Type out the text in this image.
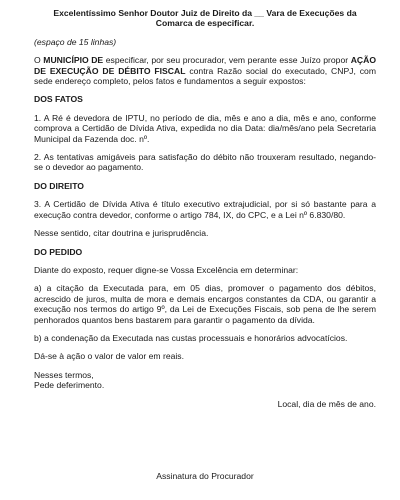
Excelentíssimo Senhor Doutor Juiz de Direito da __ Vara de Execuções da Comarca de especificar.
(espaço de 15 linhas)

O MUNICÍPIO DE especificar, por seu procurador, vem perante esse Juízo propor AÇÃO DE EXECUÇÃO DE DÉBITO FISCAL contra Razão social do executado, CNPJ, com sede endereço completo, pelos fatos e fundamentos a seguir expostos:

DOS FATOS

1. A Ré é devedora de IPTU, no período de dia, mês e ano a dia, mês e ano, conforme comprova a Certidão de Dívida Ativa, expedida no dia Data: dia/mês/ano pela Secretaria Municipal da Fazenda doc. nº.

2. As tentativas amigáveis para satisfação do débito não trouxeram resultado, negando-se o devedor ao pagamento.

DO DIREITO

3. A Certidão de Dívida Ativa é título executivo extrajudicial, por si só bastante para a execução contra devedor, conforme o artigo 784, IX, do CPC, e a Lei nº 6.830/80.

Nesse sentido, citar doutrina e jurisprudência.

DO PEDIDO

Diante do exposto, requer digne-se Vossa Excelência em determinar:

a) a citação da Executada para, em 05 dias, promover o pagamento dos débitos, acrescido de juros, multa de mora e demais encargos constantes da CDA, ou garantir a execução nos termos do artigo 9º, da Lei de Execuções Fiscais, sob pena de lhe serem penhorados quantos bens bastarem para garantir o pagamento da dívida.

b) a condenação da Executada nas custas processuais e honorários advocatícios.

Dá-se à ação o valor de valor em reais.

Nesses termos,

Pede deferimento.

Local, dia de mês de ano.
Assinatura do Procurador
